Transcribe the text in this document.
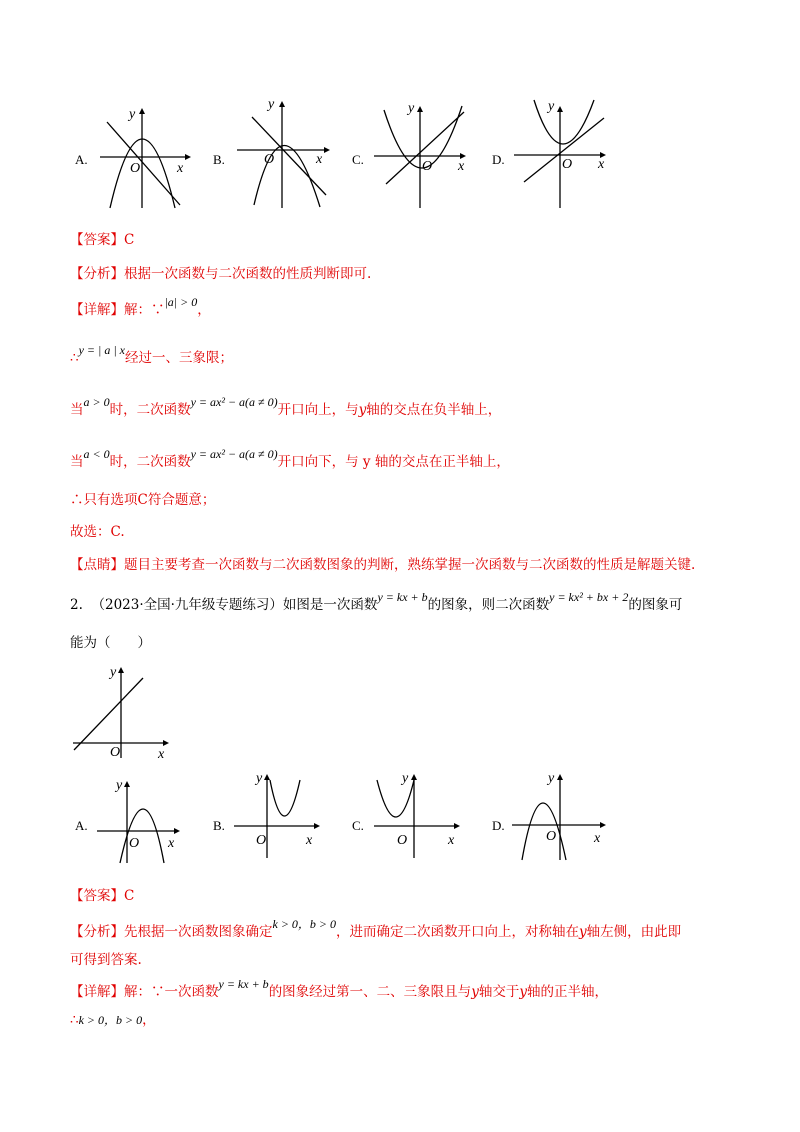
A.
y
O	x
B.
y
O	x C.
y
O x D.
y
O x
【答案】C
【分析】根据一次函数与二次函数的性质判断即可.
【详解】解：∵|a| > 0，
∴y = | a | x经过一、三象限；
当a > 0时，二次函数y = ax² − a(a ≠ 0)开口向上，与y轴的交点在负半轴上，
当a < 0时，二次函数y = ax² − a(a ≠ 0)开口向下，与 y 轴的交点在正半轴上，
∴只有选项C符合题意；
故选：C.
【点睛】题目主要考查一次函数与二次函数图象的判断，熟练掌握一次函数与二次函数的性质是解题关键.
2. （2023·全国·九年级专题练习）如图是一次函数y = kx + b的图象，则二次函数y = kx² + bx + 2的图象可
能为（　　）
y
O	x
A.
y
O x
B.
y
O	x
C.
y
O	x
D.
y
O	x
【答案】C
【分析】先根据一次函数图象确定k > 0，b > 0，进而确定二次函数开口向上，对称轴在y轴左侧，由此即
可得到答案.
【详解】解：∵一次函数y = kx + b的图象经过第一、二、三象限且与y轴交于y轴的正半轴，
∴k > 0，b > 0，
